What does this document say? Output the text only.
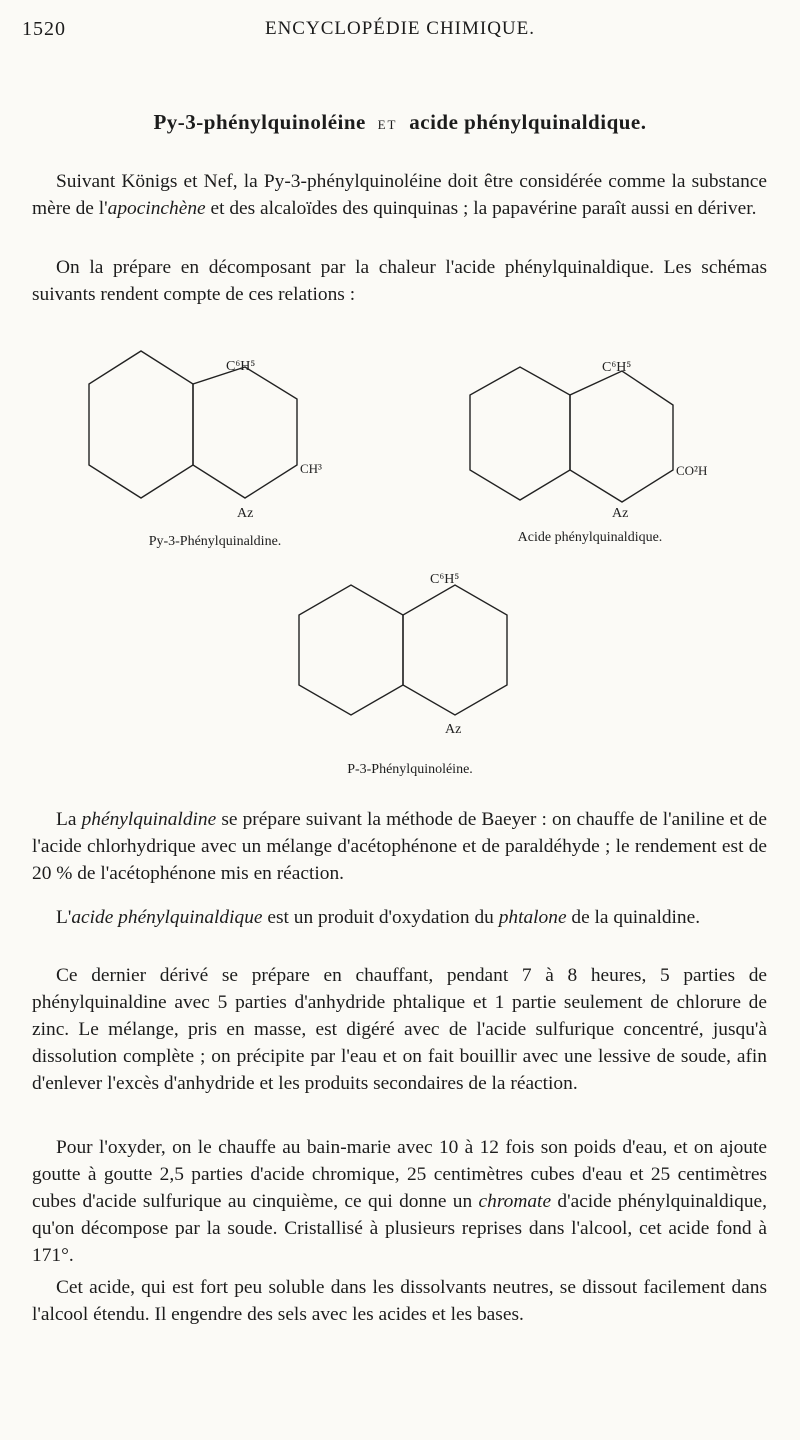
1520	ENCYCLOPÉDIE CHIMIQUE.
Py-3-phénylquinoléine ET acide phénylquinaldique.
Suivant Königs et Nef, la Py-3-phénylquinoléine doit être considérée comme la substance mère de l'apocinchène et des alcaloïdes des quinquinas ; la papavérine paraît aussi en dériver.
On la prépare en décomposant par la chaleur l'acide phénylquinaldique. Les schémas suivants rendent compte de ces relations :
C⁶H⁵
CH³
Az
Py-3-Phénylquinaldine.
C⁶H⁵
CO²H
Az
Acide phénylquinaldique.
C⁶H⁵
Az
P-3-Phénylquinoléine.
La phénylquinaldine se prépare suivant la méthode de Baeyer : on chauffe de l'aniline et de l'acide chlorhydrique avec un mélange d'acétophénone et de paraldéhyde ; le rendement est de 20 % de l'acétophénone mis en réaction.
L'acide phénylquinaldique est un produit d'oxydation du phtalone de la quinaldine.
Ce dernier dérivé se prépare en chauffant, pendant 7 à 8 heures, 5 parties de phénylquinaldine avec 5 parties d'anhydride phtalique et 1 partie seulement de chlorure de zinc. Le mélange, pris en masse, est digéré avec de l'acide sulfurique concentré, jusqu'à dissolution complète ; on précipite par l'eau et on fait bouillir avec une lessive de soude, afin d'enlever l'excès d'anhydride et les produits secondaires de la réaction.
Pour l'oxyder, on le chauffe au bain-marie avec 10 à 12 fois son poids d'eau, et on ajoute goutte à goutte 2,5 parties d'acide chromique, 25 centimètres cubes d'eau et 25 centimètres cubes d'acide sulfurique au cinquième, ce qui donne un chromate d'acide phénylquinaldique, qu'on décompose par la soude. Cristallisé à plusieurs reprises dans l'alcool, cet acide fond à 171°.
Cet acide, qui est fort peu soluble dans les dissolvants neutres, se dissout facilement dans l'alcool étendu. Il engendre des sels avec les acides et les bases.
